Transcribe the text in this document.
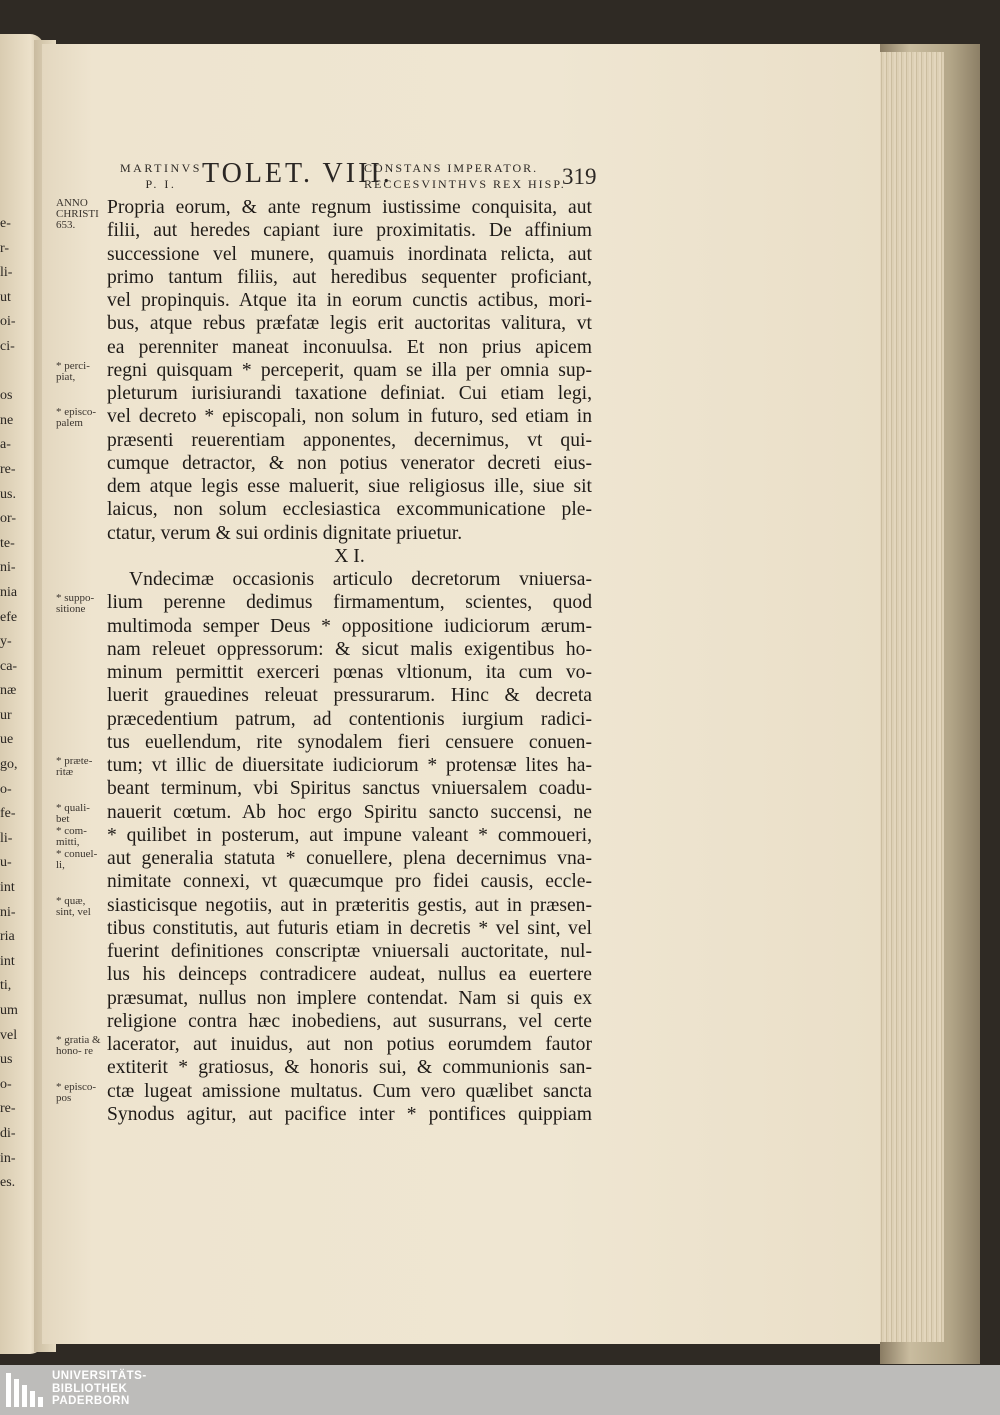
e-
r-
li-
ut
oi-
ci-
os
ne
a-
re-
us.
or-
te-
ni-
nia
efe
y-
ca-
næ
ur
ue
go,
o-
fe-
li-
u-
int
ni-
ria
int
ti,
um
vel
us
o-
re-
di-
in-
es.
MARTINVS
P. I. TOLET. VIII.
CONSTANS IMPERATOR.
RECCESVINTHVS REX HISP.
319
ANNO CHRISTI 653.
* perci- piat,
* episco- palem
* suppo- sitione
* præte- ritæ
* quali- bet
* com- mitti,
* conuel- li,
* quæ, sint, vel
* gratia & hono- re
* episco- pos
Propria eorum, & ante regnum iustissime conquisita, aut
filii, aut heredes capiant iure proximitatis. De affinium
successione vel munere, quamuis inordinata relicta, aut
primo tantum filiis, aut heredibus sequenter proficiant,
vel propinquis. Atque ita in eorum cunctis actibus, mori-
bus, atque rebus præfatæ legis erit auctoritas valitura, vt
ea perenniter maneat inconuulsa. Et non prius apicem
regni quisquam * perceperit, quam se illa per omnia sup-
pleturum iurisiurandi taxatione definiat. Cui etiam legi,
vel decreto * episcopali, non solum in futuro, sed etiam in
præsenti reuerentiam apponentes, decernimus, vt qui-
cumque detractor, & non potius venerator decreti eius-
dem atque legis esse maluerit, siue religiosus ille, siue sit
laicus, non solum ecclesiastica excommunicatione ple-
ctatur, verum & sui ordinis dignitate priuetur.
X I.
Vndecimæ occasionis articulo decretorum vniuersa-
lium perenne dedimus firmamentum, scientes, quod
multimoda semper Deus * oppositione iudiciorum ærum-
nam releuet oppressorum: & sicut malis exigentibus ho-
minum permittit exerceri pœnas vltionum, ita cum vo-
luerit grauedines releuat pressurarum. Hinc & decreta
præcedentium patrum, ad contentionis iurgium radici-
tus euellendum, rite synodalem fieri censuere conuen-
tum; vt illic de diuersitate iudiciorum * protensæ lites ha-
beant terminum, vbi Spiritus sanctus vniuersalem coadu-
nauerit cœtum. Ab hoc ergo Spiritu sancto succensi, ne
* quilibet in posterum, aut impune valeant * commoueri,
aut generalia statuta * conuellere, plena decernimus vna-
nimitate connexi, vt quæcumque pro fidei causis, eccle-
siasticisque negotiis, aut in præteritis gestis, aut in præsen-
tibus constitutis, aut futuris etiam in decretis * vel sint, vel
fuerint definitiones conscriptæ vniuersali auctoritate, nul-
lus his deinceps contradicere audeat, nullus ea euertere
præsumat, nullus non implere contendat. Nam si quis ex
religione contra hæc inobediens, aut susurrans, vel certe
lacerator, aut inuidus, aut non potius eorumdem fautor
extiterit * gratiosus, & honoris sui, & communionis san-
ctæ lugeat amissione multatus. Cum vero quælibet sancta
Synodus agitur, aut pacifice inter * pontifices quippiam
UNIVERSITÄTS-
BIBLIOTHEK
PADERBORN
